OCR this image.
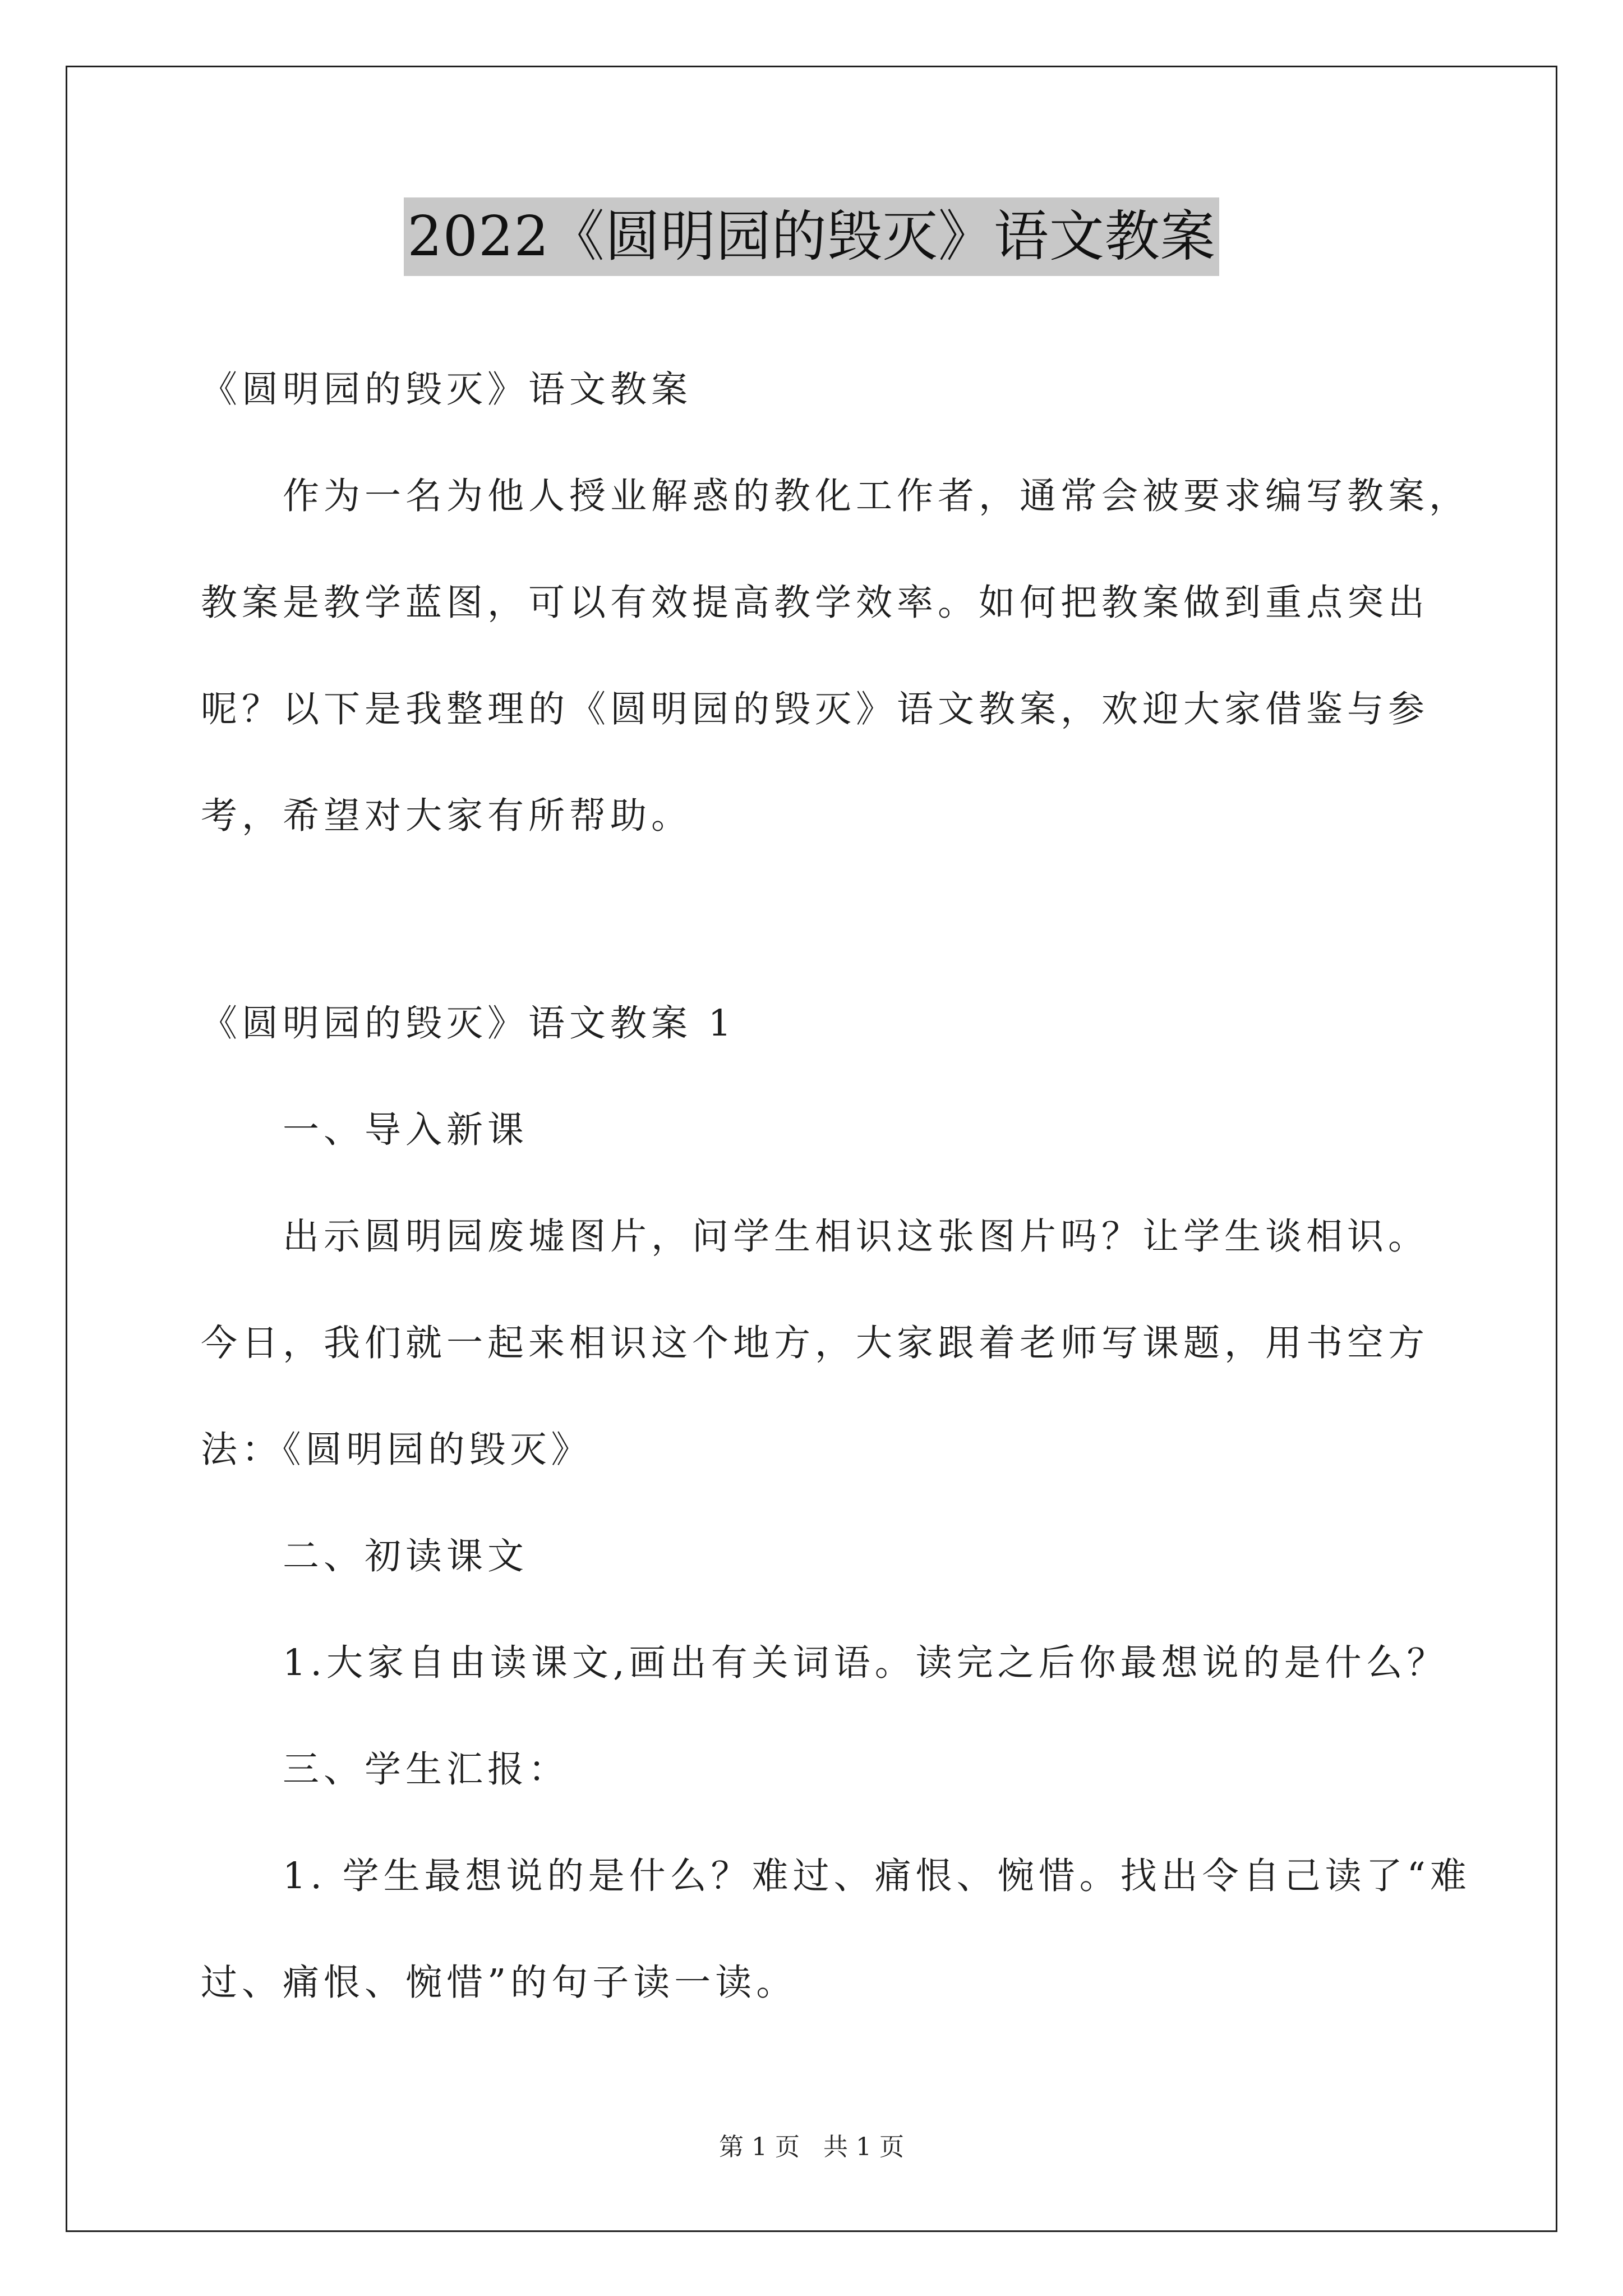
2022《圆明园的毁灭》语文教案

《圆明园的毁灭》语文教案

作为一名为他人授业解惑的教化工作者，通常会被要求编写教案，

教案是教学蓝图，可以有效提高教学效率。如何把教案做到重点突出

呢？以下是我整理的《圆明园的毁灭》语文教案，欢迎大家借鉴与参

考，希望对大家有所帮助。

《圆明园的毁灭》语文教案 1

一、导入新课

出示圆明园废墟图片，问学生相识这张图片吗？让学生谈相识。

今日，我们就一起来相识这个地方，大家跟着老师写课题，用书空方

法：《圆明园的毁灭》

二、初读课文

1.大家自由读课文,画出有关词语。读完之后你最想说的是什么？

三、学生汇报：

1. 学生最想说的是什么？难过、痛恨、惋惜。找出令自己读了“难

过、痛恨、惋惜”的句子读一读。

第 1 页 共 1 页
